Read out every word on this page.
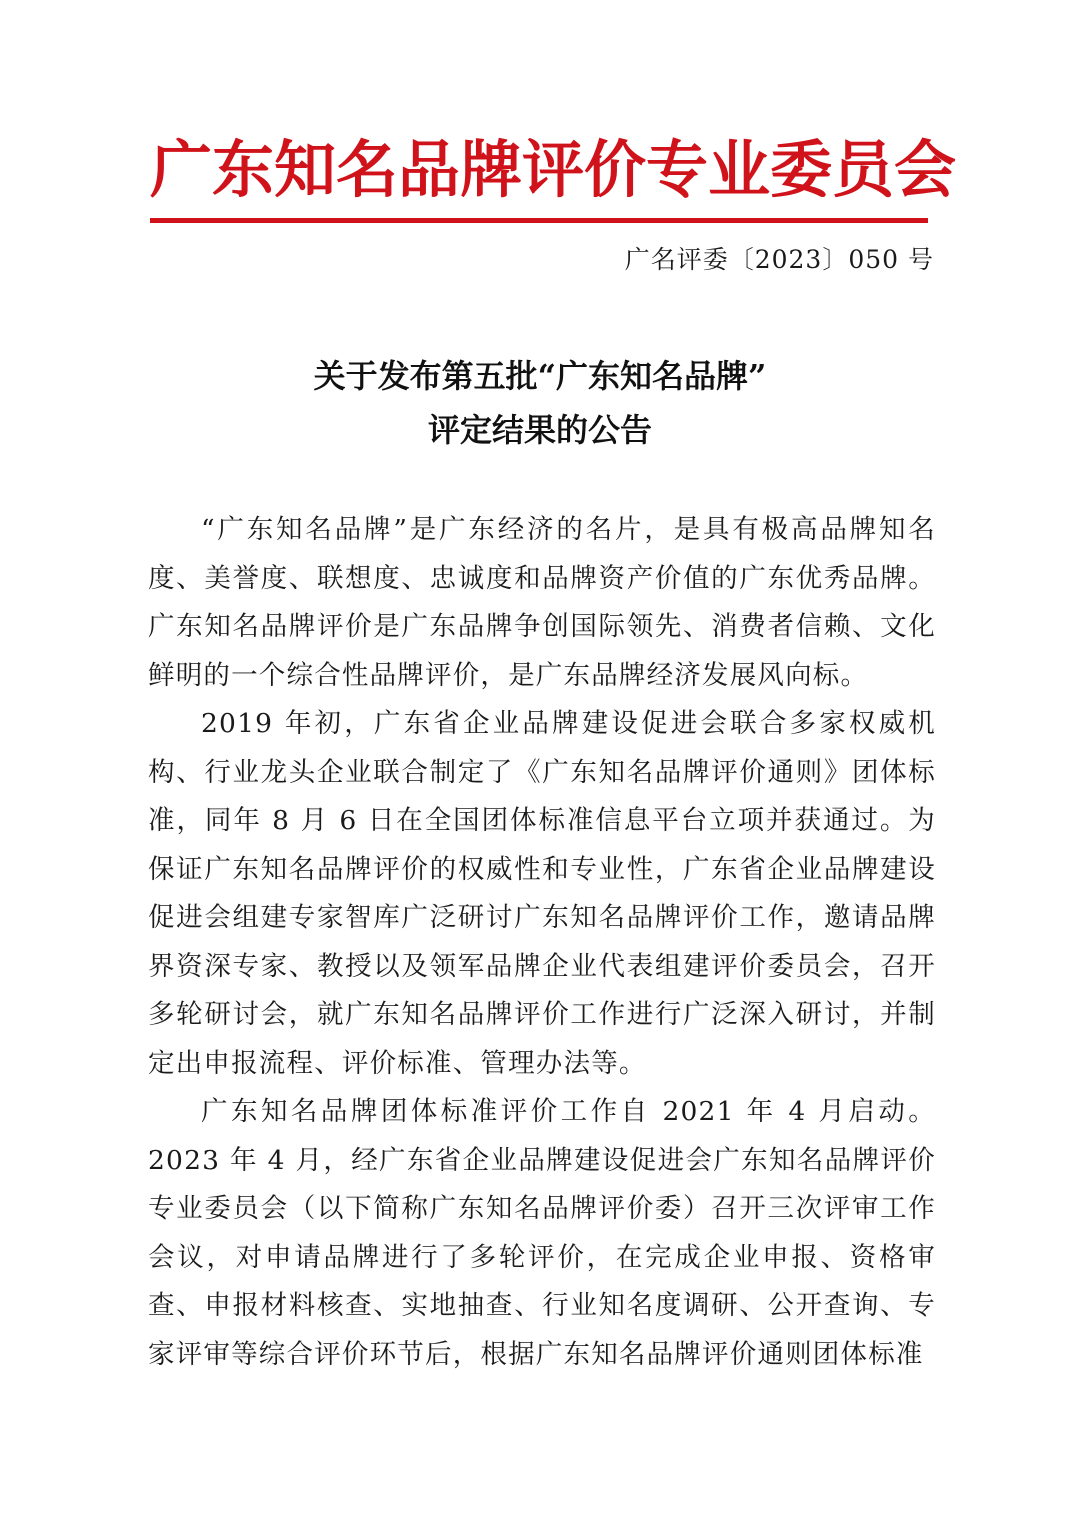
广东知名品牌评价专业委员会
广名评委〔2023〕050 号
关于发布第五批“广东知名品牌”
评定结果的公告

“广东知名品牌”是广东经济的名片，是具有极高品牌知名度、美誉度、联想度、忠诚度和品牌资产价值的广东优秀品牌。广东知名品牌评价是广东品牌争创国际领先、消费者信赖、文化鲜明的一个综合性品牌评价，是广东品牌经济发展风向标。

2019 年初，广东省企业品牌建设促进会联合多家权威机构、行业龙头企业联合制定了《广东知名品牌评价通则》团体标准，同年 8 月 6 日在全国团体标准信息平台立项并获通过。为保证广东知名品牌评价的权威性和专业性，广东省企业品牌建设促进会组建专家智库广泛研讨广东知名品牌评价工作，邀请品牌界资深专家、教授以及领军品牌企业代表组建评价委员会，召开多轮研讨会，就广东知名品牌评价工作进行广泛深入研讨，并制定出申报流程、评价标准、管理办法等。

广东知名品牌团体标准评价工作自 2021 年 4 月启动。2023 年 4 月，经广东省企业品牌建设促进会广东知名品牌评价专业委员会（以下简称广东知名品牌评价委）召开三次评审工作会议，对申请品牌进行了多轮评价，在完成企业申报、资格审查、申报材料核查、实地抽查、行业知名度调研、公开查询、专家评审等综合评价环节后，根据广东知名品牌评价通则团体标准
